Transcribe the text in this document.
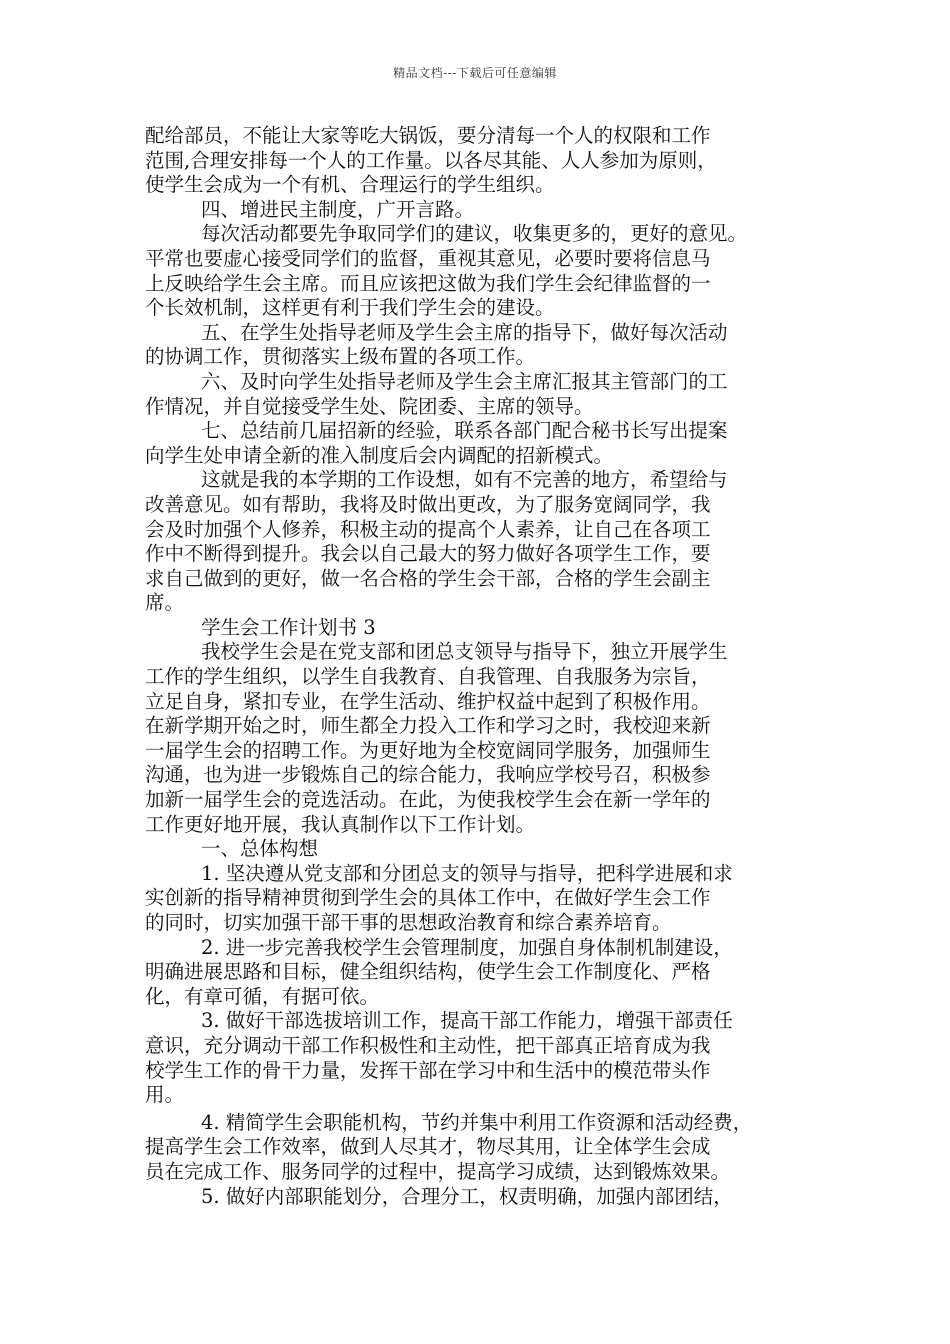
精品文档---下载后可任意编辑

配给部员，不能让大家等吃大锅饭，要分清每一个人的权限和工作

范围,合理安排每一个人的工作量。以各尽其能、人人参加为原则，

使学生会成为一个有机、合理运行的学生组织。

四、增进民主制度，广开言路。

每次活动都要先争取同学们的建议，收集更多的，更好的意见。

平常也要虚心接受同学们的监督，重视其意见，必要时要将信息马

上反映给学生会主席。而且应该把这做为我们学生会纪律监督的一

个长效机制，这样更有利于我们学生会的建设。

五、在学生处指导老师及学生会主席的指导下，做好每次活动

的协调工作，贯彻落实上级布置的各项工作。

六、及时向学生处指导老师及学生会主席汇报其主管部门的工

作情况，并自觉接受学生处、院团委、主席的领导。

七、总结前几届招新的经验，联系各部门配合秘书长写出提案

向学生处申请全新的准入制度后会内调配的招新模式。

这就是我的本学期的工作设想，如有不完善的地方，希望给与

改善意见。如有帮助，我将及时做出更改，为了服务宽阔同学，我

会及时加强个人修养，积极主动的提高个人素养，让自己在各项工

作中不断得到提升。我会以自己最大的努力做好各项学生工作，要

求自己做到的更好，做一名合格的学生会干部，合格的学生会副主

席。

学生会工作计划书 3

我校学生会是在党支部和团总支领导与指导下，独立开展学生

工作的学生组织，以学生自我教育、自我管理、自我服务为宗旨，

立足自身，紧扣专业，在学生活动、维护权益中起到了积极作用。

在新学期开始之时，师生都全力投入工作和学习之时，我校迎来新

一届学生会的招聘工作。为更好地为全校宽阔同学服务，加强师生

沟通，也为进一步锻炼自己的综合能力，我响应学校号召，积极参

加新一届学生会的竞选活动。在此，为使我校学生会在新一学年的

工作更好地开展，我认真制作以下工作计划。

一、总体构想

1. 坚决遵从党支部和分团总支的领导与指导，把科学进展和求

实创新的指导精神贯彻到学生会的具体工作中，在做好学生会工作

的同时，切实加强干部干事的思想政治教育和综合素养培育。

2. 进一步完善我校学生会管理制度，加强自身体制机制建设，

明确进展思路和目标，健全组织结构，使学生会工作制度化、严格

化，有章可循，有据可依。

3. 做好干部选拔培训工作，提高干部工作能力，增强干部责任

意识，充分调动干部工作积极性和主动性，把干部真正培育成为我

校学生工作的骨干力量，发挥干部在学习中和生活中的模范带头作

用。

4. 精简学生会职能机构，节约并集中利用工作资源和活动经费，

提高学生会工作效率，做到人尽其才，物尽其用，让全体学生会成

员在完成工作、服务同学的过程中，提高学习成绩，达到锻炼效果。

5. 做好内部职能划分，合理分工，权责明确，加强内部团结，
